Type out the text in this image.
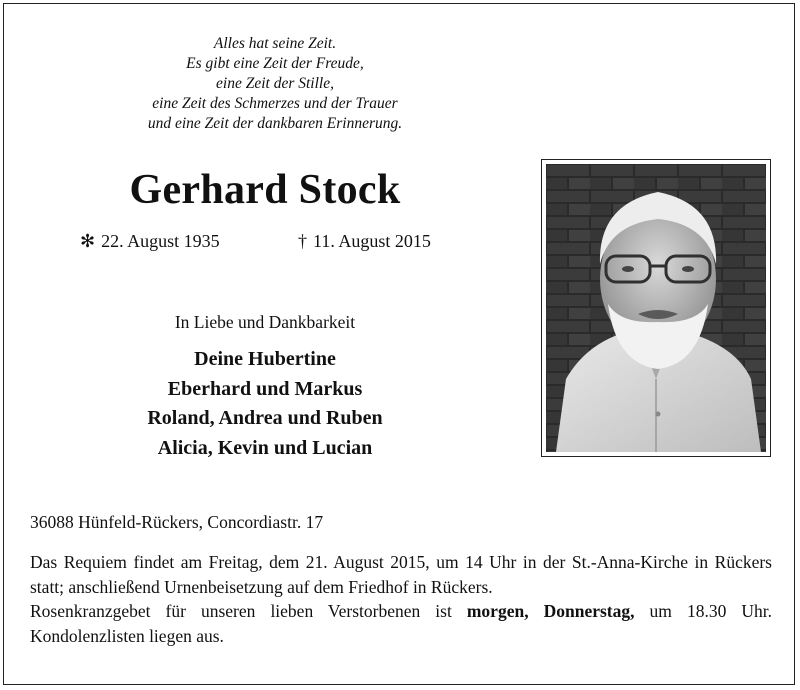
Alles hat seine Zeit.
Es gibt eine Zeit der Freude,
eine Zeit der Stille,
eine Zeit des Schmerzes und der Trauer
und eine Zeit der dankbaren Erinnerung.
Gerhard Stock
✻ 22. August 1935	† 11. August 2015
In Liebe und Dankbarkeit
Deine Hubertine
Eberhard und Markus
Roland, Andrea und Ruben
Alicia, Kevin und Lucian
36088 Hünfeld-Rückers, Concordiastr. 17

Das Requiem findet am Freitag, dem 21. August 2015, um 14 Uhr in der St.-Anna-Kirche in Rückers statt; anschließend Urnenbeisetzung auf dem Friedhof in Rückers.

Rosenkranzgebet für unseren lieben Verstorbenen ist morgen, Donnerstag, um 18.30 Uhr. Kondolenzlisten liegen aus.
